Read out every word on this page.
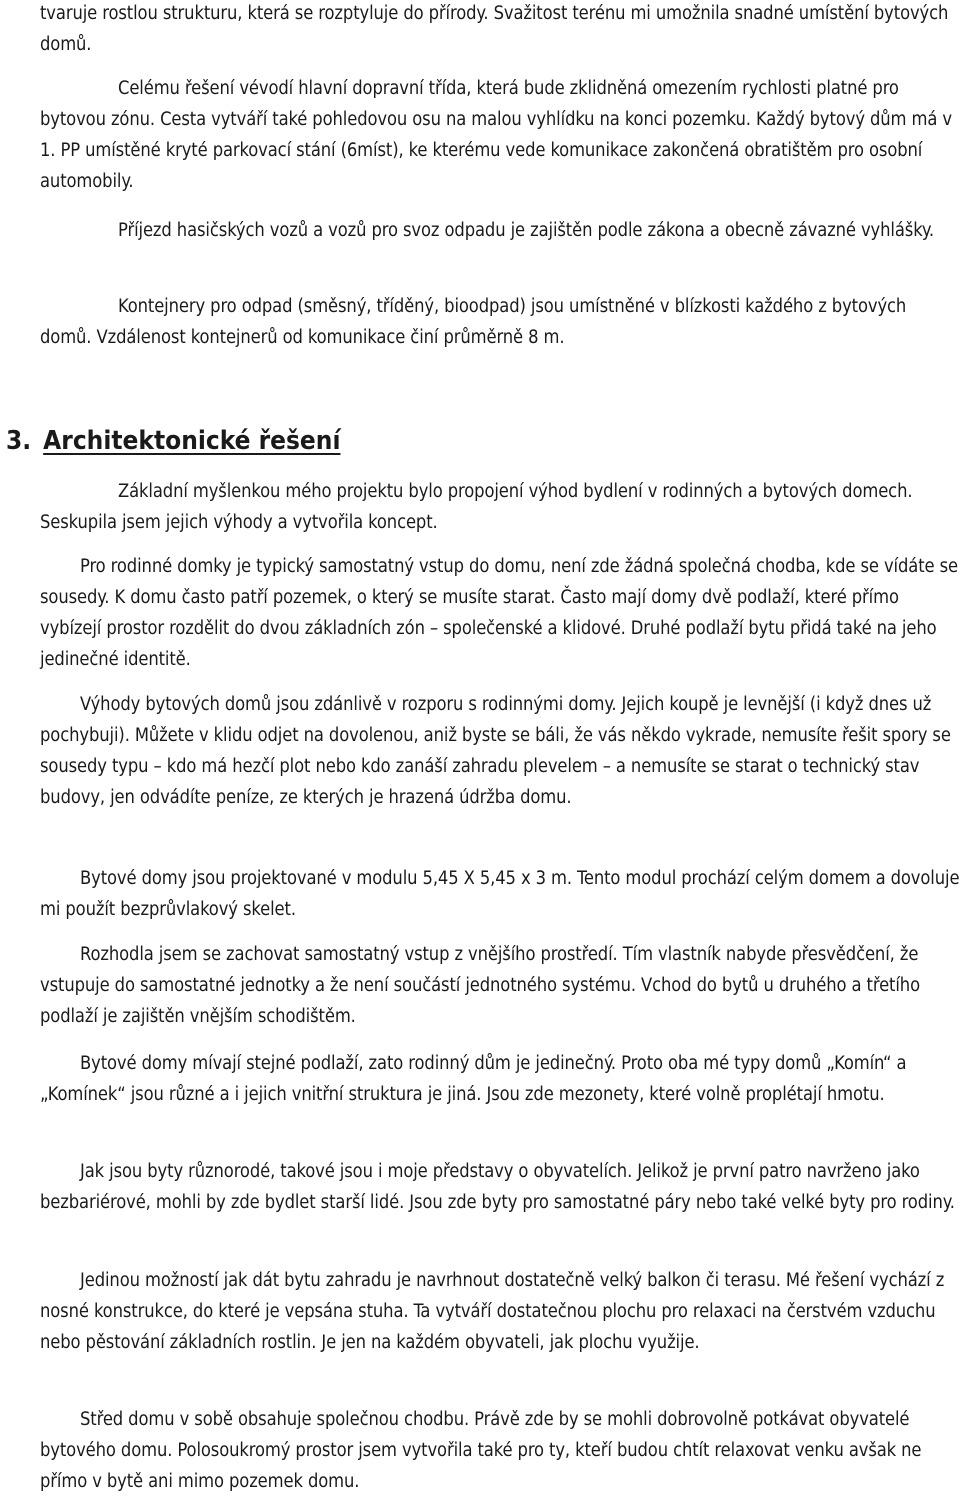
tvaruje rostlou strukturu, která se rozptyluje do přírody. Svažitost terénu mi umožnila snadné umístění bytových domů.

Celému řešení vévodí hlavní dopravní třída, která bude zklidněná omezením rychlosti platné pro bytovou zónu. Cesta vytváří také pohledovou osu na malou vyhlídku na konci pozemku. Každý bytový dům má v 1. PP umístěné kryté parkovací stání (6míst), ke kterému vede komunikace zakončená obratištěm pro osobní automobily.

Příjezd hasičských vozů a vozů pro svoz odpadu je zajištěn podle zákona a obecně závazné vyhlášky.

Kontejnery pro odpad (směsný, tříděný, bioodpad) jsou umístněné v blízkosti každého z bytových domů. Vzdálenost kontejnerů od komunikace činí průměrně 8 m.

3. Architektonické řešení

Základní myšlenkou mého projektu bylo propojení výhod bydlení v rodinných a bytových domech. Seskupila jsem jejich výhody a vytvořila koncept.

Pro rodinné domky je typický samostatný vstup do domu, není zde žádná společná chodba, kde se vídáte se sousedy. K domu často patří pozemek, o který se musíte starat. Často mají domy dvě podlaží, které přímo vybízejí prostor rozdělit do dvou základních zón – společenské a klidové. Druhé podlaží bytu přidá také na jeho jedinečné identitě.

Výhody bytových domů jsou zdánlivě v rozporu s rodinnými domy. Jejich koupě je levnější (i když dnes už pochybuji). Můžete v klidu odjet na dovolenou, aniž byste se báli, že vás někdo vykrade, nemusíte řešit spory se sousedy typu – kdo má hezčí plot nebo kdo zanáší zahradu plevelem – a nemusíte se starat o technický stav budovy, jen odvádíte peníze, ze kterých je hrazená údržba domu.

Bytové domy jsou projektované v modulu 5,45 X 5,45 x 3 m. Tento modul prochází celým domem a dovoluje mi použít bezprůvlakový skelet.

Rozhodla jsem se zachovat samostatný vstup z vnějšího prostředí. Tím vlastník nabyde přesvědčení, že vstupuje do samostatné jednotky a že není součástí jednotného systému. Vchod do bytů u druhého a třetího podlaží je zajištěn vnějším schodištěm.

Bytové domy mívají stejné podlaží, zato rodinný dům je jedinečný. Proto oba mé typy domů „Komín“ a „Komínek“ jsou různé a i jejich vnitřní struktura je jiná. Jsou zde mezonety, které volně proplétají hmotu.

Jak jsou byty různorodé, takové jsou i moje představy o obyvatelích. Jelikož je první patro navrženo jako bezbariérové, mohli by zde bydlet starší lidé. Jsou zde byty pro samostatné páry nebo také velké byty pro rodiny.

Jedinou možností jak dát bytu zahradu je navrhnout dostatečně velký balkon či terasu. Mé řešení vychází z nosné konstrukce, do které je vepsána stuha. Ta vytváří dostatečnou plochu pro relaxaci na čerstvém vzduchu nebo pěstování základních rostlin. Je jen na každém obyvateli, jak plochu využije.

Střed domu v sobě obsahuje společnou chodbu. Právě zde by se mohli dobrovolně potkávat obyvatelé bytového domu. Polosoukromý prostor jsem vytvořila také pro ty, kteří budou chtít relaxovat venku avšak ne přímo v bytě ani mimo pozemek domu.
